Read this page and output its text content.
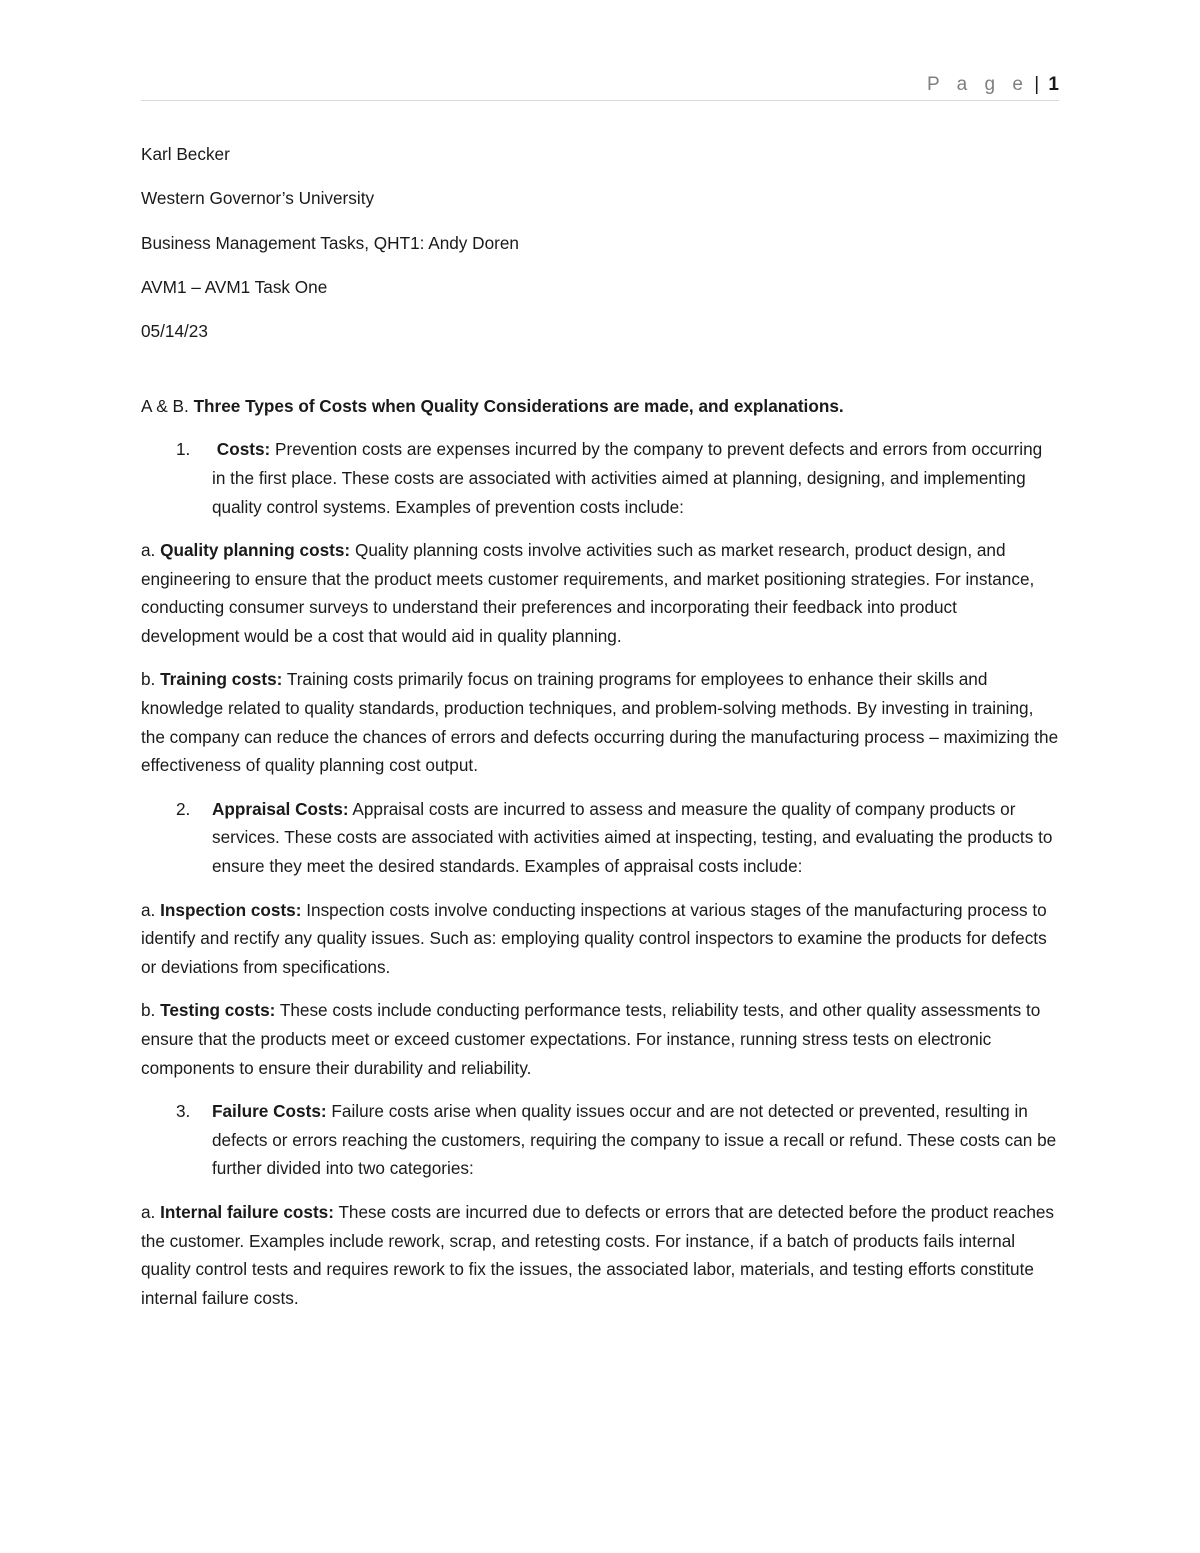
P a g e | 1

Karl Becker

Western Governor’s University

Business Management Tasks, QHT1: Andy Doren

AVM1 – AVM1 Task One

05/14/23

A & B. Three Types of Costs when Quality Considerations are made, and explanations.

1. Costs: Prevention costs are expenses incurred by the company to prevent defects and errors from occurring in the first place. These costs are associated with activities aimed at planning, designing, and implementing quality control systems. Examples of prevention costs include:

a. Quality planning costs: Quality planning costs involve activities such as market research, product design, and engineering to ensure that the product meets customer requirements, and market positioning strategies. For instance, conducting consumer surveys to understand their preferences and incorporating their feedback into product development would be a cost that would aid in quality planning.

b. Training costs: Training costs primarily focus on training programs for employees to enhance their skills and knowledge related to quality standards, production techniques, and problem-solving methods. By investing in training, the company can reduce the chances of errors and defects occurring during the manufacturing process – maximizing the effectiveness of quality planning cost output.

2. Appraisal Costs: Appraisal costs are incurred to assess and measure the quality of company products or services. These costs are associated with activities aimed at inspecting, testing, and evaluating the products to ensure they meet the desired standards. Examples of appraisal costs include:

a. Inspection costs: Inspection costs involve conducting inspections at various stages of the manufacturing process to identify and rectify any quality issues. Such as: employing quality control inspectors to examine the products for defects or deviations from specifications.

b. Testing costs: These costs include conducting performance tests, reliability tests, and other quality assessments to ensure that the products meet or exceed customer expectations. For instance, running stress tests on electronic components to ensure their durability and reliability.

3. Failure Costs: Failure costs arise when quality issues occur and are not detected or prevented, resulting in defects or errors reaching the customers, requiring the company to issue a recall or refund. These costs can be further divided into two categories:

a. Internal failure costs: These costs are incurred due to defects or errors that are detected before the product reaches the customer. Examples include rework, scrap, and retesting costs. For instance, if a batch of products fails internal quality control tests and requires rework to fix the issues, the associated labor, materials, and testing efforts constitute internal failure costs.
